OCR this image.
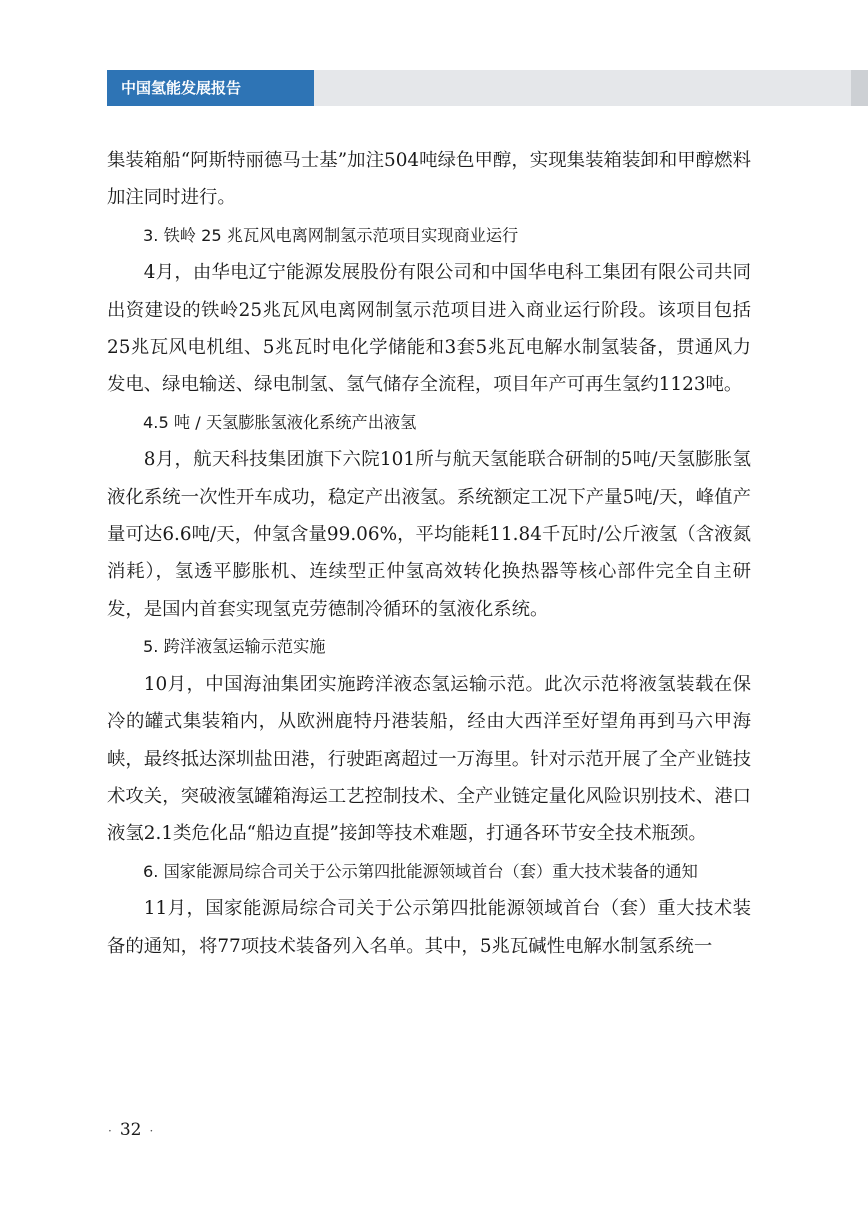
中国氢能发展报告

集装箱船“阿斯特丽德马士基”加注504吨绿色甲醇，实现集装箱装卸和甲醇燃料加注同时进行。

3. 铁岭 25 兆瓦风电离网制氢示范项目实现商业运行

4月，由华电辽宁能源发展股份有限公司和中国华电科工集团有限公司共同出资建设的铁岭25兆瓦风电离网制氢示范项目进入商业运行阶段。该项目包括25兆瓦风电机组、5兆瓦时电化学储能和3套5兆瓦电解水制氢装备，贯通风力发电、绿电输送、绿电制氢、氢气储存全流程，项目年产可再生氢约1123吨。

4.5 吨 / 天氢膨胀氢液化系统产出液氢

8月，航天科技集团旗下六院101所与航天氢能联合研制的5吨/天氢膨胀氢液化系统一次性开车成功，稳定产出液氢。系统额定工况下产量5吨/天，峰值产量可达6.6吨/天，仲氢含量99.06%，平均能耗11.84千瓦时/公斤液氢（含液氮消耗），氢透平膨胀机、连续型正仲氢高效转化换热器等核心部件完全自主研发，是国内首套实现氢克劳德制冷循环的氢液化系统。

5. 跨洋液氢运输示范实施

10月，中国海油集团实施跨洋液态氢运输示范。此次示范将液氢装载在保冷的罐式集装箱内，从欧洲鹿特丹港装船，经由大西洋至好望角再到马六甲海峡，最终抵达深圳盐田港，行驶距离超过一万海里。针对示范开展了全产业链技术攻关，突破液氢罐箱海运工艺控制技术、全产业链定量化风险识别技术、港口液氢2.1类危化品“船边直提”接卸等技术难题，打通各环节安全技术瓶颈。

6. 国家能源局综合司关于公示第四批能源领域首台（套）重大技术装备的通知

11月，国家能源局综合司关于公示第四批能源领域首台（套）重大技术装备的通知，将77项技术装备列入名单。其中，5兆瓦碱性电解水制氢系统一

· 32 ·
